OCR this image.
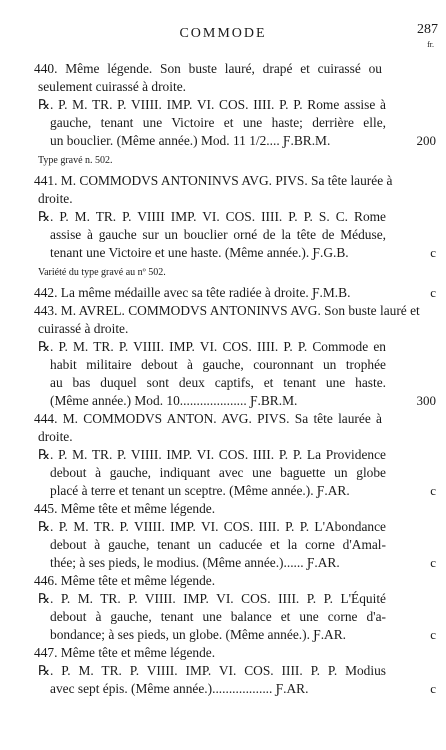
COMMODE	287
fr.
440. Même légende. Son buste lauré, drapé et cuirassé ou
seulement cuirassé à droite.
℞. P. M. TR. P. VIIII. IMP. VI. COS. IIII. P. P. Rome assise à
gauche, tenant une Victoire et une haste; derrière elle,
un bouclier. (Même année.) Mod. 11 1/2.... Ƒ.BR.M.	200
Type gravé n. 502.
441. M. COMMODVS ANTONINVS AVG. PIVS. Sa tête laurée à
droite.
℞. P. M. TR. P. VIIII IMP. VI. COS. IIII. P. P. S. C. Rome
assise à gauche sur un bouclier orné de la tête de Méduse,
tenant une Victoire et une haste. (Même année.). Ƒ.G.B.	c
Variété du type gravé au nº 502.
442. La même médaille avec sa tête radiée à droite. Ƒ.M.B.	c
443. M. AVREL. COMMODVS ANTONINVS AVG. Son buste lauré et
cuirassé à droite.
℞. P. M. TR. P. VIIII. IMP. VI. COS. IIII. P. P. Commode en
habit militaire debout à gauche, couronnant un trophée
au bas duquel sont deux captifs, et tenant une haste.
(Même année.) Mod. 10.................... Ƒ.BR.M.	300
444. M. COMMODVS ANTON. AVG. PIVS. Sa tête laurée à
droite.
℞. P. M. TR. P. VIIII. IMP. VI. COS. IIII. P. P. La Providence
debout à gauche, indiquant avec une baguette un globe
placé à terre et tenant un sceptre. (Même année.). Ƒ.AR.	c
445. Même tête et même légende.
℞. P. M. TR. P. VIIII. IMP. VI. COS. IIII. P. P. L'Abondance
debout à gauche, tenant un caducée et la corne d'Amal-
thée; à ses pieds, le modius. (Même année.)...... Ƒ.AR.	c
446. Même tête et même légende.
℞. P. M. TR. P. VIIII. IMP. VI. COS. IIII. P. P. L'Équité
debout à gauche, tenant une balance et une corne d'a-
bondance; à ses pieds, un globe. (Même année.). Ƒ.AR.	c
447. Même tête et même légende.
℞. P. M. TR. P. VIIII. IMP. VI. COS. IIII. P. P. Modius
avec sept épis. (Même année.).................. Ƒ.AR.	c
